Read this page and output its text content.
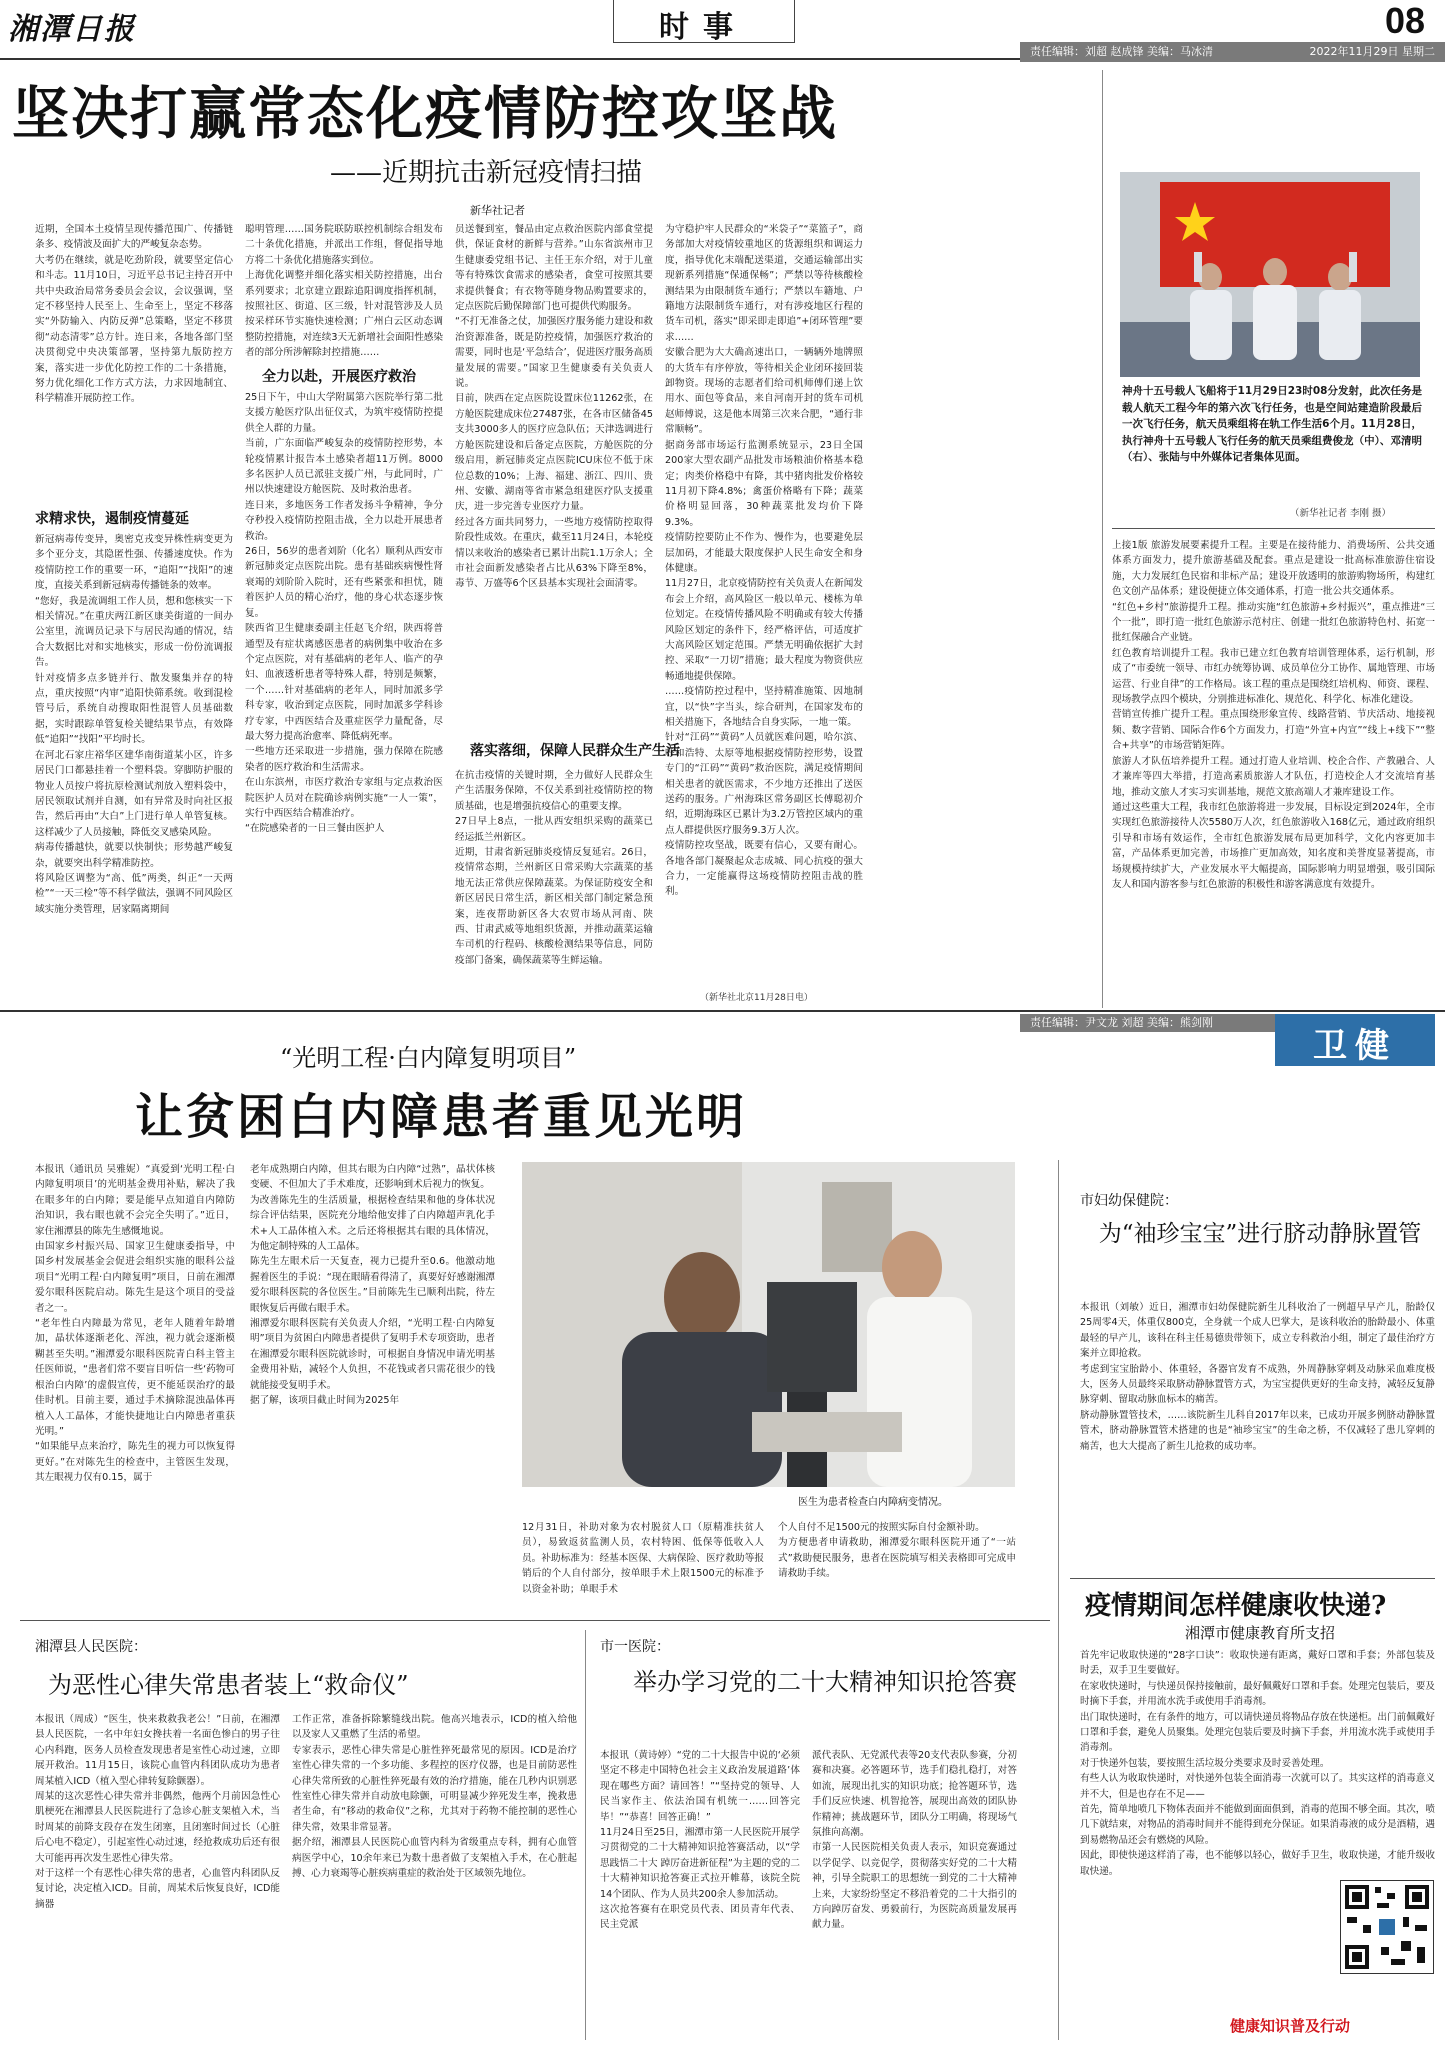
湘潭日报	时事	08
责任编辑：刘超 赵成锋 美编：马冰清	2022年11月29日 星期二
坚决打赢常态化疫情防控攻坚战
——近期抗击新冠疫情扫描
新华社记者
近期，全国本土疫情呈现传播范围广、传播链条多、疫情波及面扩大的严峻复杂态势。
大考仍在继续，就是吃劲阶段，就要坚定信心和斗志。11月10日，习近平总书记主持召开中共中央政治局常务委员会会议，会议强调，坚定不移坚持人民至上、生命至上，坚定不移落实“外防输入、内防反弹”总策略，坚定不移贯彻“动态清零”总方针。连日来，各地各部门坚决贯彻党中央决策部署，坚持第九版防控方案，落实进一步优化防控工作的二十条措施，努力优化细化工作方式方法，力求因地制宜、科学精准开展防控工作。
求精求快，遏制疫情蔓延
新冠病毒传变异，奥密克戎变异株性病变更为多个亚分支，其隐匿性强、传播速度快。作为疫情防控工作的重要一环，“追阳”“找阳”的速度，直接关系到新冠病毒传播链条的效率。
“您好，我是流调组工作人员，想和您核实一下相关情况。”在重庆两江新区康美街道的一间办公室里，流调员记录下与居民沟通的情况，结合大数据比对和实地核实，形成一份份流调报告。
针对疫情多点多链并行、散发聚集并存的特点，重庆按照“内审”追阳快筛系统。收到混检管号后，系统自动搜取阳性混管人员基础数据，实时跟踪单管复检关键结果节点，有效降低“追阳”“找阳”平均时长。
在河北石家庄裕华区建华南街道某小区，许多居民门口都悬挂着一个塑料袋。穿脚防护服的物业人员按户将抗原检测试剂放入塑料袋中，居民领取试剂并自测，如有异常及时向社区报告，然后再由“大白”上门进行单人单管复核。这样减少了人员接触，降低交叉感染风险。
病毒传播越快，就要以快制快；形势越严峻复杂，就要突出科学精准防控。
将风险区调整为“高、低”两类，纠正“一天两检”“一天三检”等不科学做法，强调不同风险区域实施分类管理，居家隔离期间
聪明管理……国务院联防联控机制综合组发布二十条优化措施，并派出工作组，督促指导地方将二十条优化措施落实到位。
上海优化调整并细化落实相关防控措施，出台系列要求；北京建立跟踪追阳调度指挥机制，按照社区、街道、区三级，针对混管涉及人员按采样环节实施快速检测；广州白云区动态调整防控措施，对连续3天无新增社会面阳性感染者的部分所涉解除封控措施……
全力以赴，开展医疗救治
25日下午，中山大学附属第六医院举行第二批支援方舱医疗队出征仪式，为筑牢疫情防控提供全人群的力量。
当前，广东面临严峻复杂的疫情防控形势，本轮疫情累计报告本土感染者超11万例。8000多名医护人员已派驻支援广州，与此同时，广州以快速建设方舱医院、及时救治患者。
连日来，多地医务工作者发扬斗争精神，争分夺秒投入疫情防控阻击战，全力以赴开展患者救治。
26日，56岁的患者刘阶（化名）顺利从西安市新冠肺炎定点医院出院。患有基础疾病慢性肾衰竭的刘阶阶入院时，还有些紧张和担忧，随着医护人员的精心治疗，他的身心状态逐步恢复。
陕西省卫生健康委副主任赵飞介绍，陕西将普通型及有症状离感医患者的病例集中收治在多个定点医院，对有基础病的老年人、临产的孕妇、血液透析患者等特殊人群，特别是频繁，一个……针对基础病的老年人，同时加派多学科专家，收治到定点医院，同时加派多学科诊疗专家，中西医结合及重症医学力量配备，尽最大努力提高治愈率、降低病死率。
一些地方还采取进一步措施，强力保障在院感染者的医疗救治和生活需求。
在山东滨州，市医疗救治专家组与定点救治医院医护人员对在院确诊病例实施“一人一策”，实行中西医结合精准治疗。
“在院感染者的一日三餐由医护人
员送餐到室，餐品由定点救治医院内部食堂提供，保证食材的新鲜与营养。”山东省滨州市卫生健康委党组书记、主任王东介绍，对于儿童等有特殊饮食需求的感染者，食堂可按照其要求提供餐食；有衣物等随身物品购置要求的，定点医院后勤保障部门也可提供代购服务。
“不打无准备之仗，加强医疗服务能力建设和救治资源准备，既是防控疫情，加强医疗救治的需要，同时也是‘平急结合’，促进医疗服务高质量发展的需要。”国家卫生健康委有关负责人说。
目前，陕西在定点医院设置床位11262张，在方舱医院建成床位27487张，在各市区储备45支共3000多人的医疗应急队伍；天津选调进行方舱医院建设和后备定点医院，方舱医院的分级启用，新冠肺炎定点医院ICU床位不低于床位总数的10%；上海、福建、浙江、四川、贵州、安徽、湖南等省市紧急组建医疗队支援重庆，进一步完善专业医疗力量。
经过各方面共同努力，一些地方疫情防控取得阶段性成效。在重庆，截至11月24日，本轮疫情以来收治的感染者已累计出院1.1万余人；全市社会面新发感染者占比从63%下降至8%，毒节、万盛等6个区县基本实现社会面清零。
落实落细，保障人民群众生产生活
在抗击疫情的关键时期，全力做好人民群众生产生活服务保障，不仅关系到社疫情防控的物质基础，也是增强抗疫信心的重要支撑。
27日早上8点，一批从西安组织采购的蔬菜已经运抵兰州新区。
近期，甘肃省新冠肺炎疫情反复延宕。26日，疫情常态期，兰州新区日常采购大宗蔬菜的基地无法正常供应保障蔬菜。为保证防疫安全和新区居民日常生活，新区相关部门制定紧急预案，连夜帮助新区各大农贸市场从河南、陕西、甘肃武威等地组织货源，并推动蔬菜运输车司机的行程码、核酸检测结果等信息，同防疫部门备案，确保蔬菜等生鲜运输。
为守稳护牢人民群众的“米袋子”“菜篮子”，商务部加大对疫情较重地区的货源组织和调运力度，指导优化末端配送渠道，交通运输部出实现新系列措施“保通保畅”；严禁以等待核酸检测结果为由限制货车通行；严禁以车籍地、户籍地方法限制货车通行，对有涉疫地区行程的货车司机，落实“即采即走即追”+闭环管理”要求……
安徽合肥为大大确高速出口，一辆辆外地牌照的大货车有序停放，等待相关企业闭环接回装卸物资。现场的志愿者们给司机师傅们递上饮用水、面包等食品，来自河南开封的货车司机赵师傅说，这是他本周第三次来合肥，“通行非常顺畅”。
据商务部市场运行监测系统显示，23日全国200家大型农副产品批发市场粮油价格基本稳定；肉类价格稳中有降，其中猪肉批发价格较11月初下降4.8%；禽蛋价格略有下降；蔬菜价格明显回落，30种蔬菜批发均价下降9.3%。
疫情防控要防止不作为、慢作为，也要避免层层加码，才能最大限度保护人民生命安全和身体健康。
11月27日，北京疫情防控有关负责人在新闻发布会上介绍，高风险区一般以单元、楼栋为单位划定。在疫情传播风险不明确或有较大传播风险区划定的条件下，经严格评估，可适度扩大高风险区划定范围。严禁无明确依据扩大封控、采取“一刀切”措施；最大程度为物资供应畅通地提供保障。
……疫情防控过程中，坚持精准施策、因地制宜，以“快”字当头，综合研判，在国家发布的相关措施下，各地结合自身实际，一地一策。
针对“江码”“黄码”人员就医难问题，哈尔滨、呼和浩特、太原等地根据疫情防控形势，设置专门的“江码”“黄码”救治医院，满足疫情期间相关患者的就医需求，不少地方还推出了送医送药的服务。广州海珠区常务副区长傅聪初介绍，近期海珠区已累计为3.2万管控区域内的重点人群提供医疗服务9.3万人次。
疫情防控攻坚战，既要有信心，又要有耐心。各地各部门凝聚起众志成城、同心抗疫的强大合力，一定能赢得这场疫情防控阻击战的胜利。
（新华社北京11月28日电）
神舟十五号载人飞船将于11月29日23时08分发射，此次任务是载人航天工程今年的第六次飞行任务，也是空间站建造阶段最后一次飞行任务，航天员乘组将在轨工作生活6个月。11月28日，执行神舟十五号载人飞行任务的航天员乘组费俊龙（中）、邓清明（右）、张陆与中外媒体记者集体见面。
（新华社记者 李刚 摄）
上接1版 旅游发展要素提升工程。主要是在接待能力、消费场所、公共交通体系方面发力，提升旅游基础及配套。重点是建设一批高标准旅游住宿设施，大力发展红色民宿和非标产品；建设开放透明的旅游购物场所，构建红色文创产品体系；建设便捷立体交通体系，打造一批公共交通体系。
“红色+乡村”旅游提升工程。推动实施“红色旅游+乡村振兴”，重点推进“三个一批”，即打造一批红色旅游示范村庄、创建一批红色旅游特色村、拓宽一批红保融合产业链。
红色教育培训提升工程。我市已建立红色教育培训管理体系，运行机制，形成了“市委统一领导、市红办统筹协调、成员单位分工协作、属地管理、市场运营、行业自律”的工作格局。该工程的重点是围绕红培机构、师资、课程、现场教学点四个模块，分别推进标准化、规范化、科学化、标准化建设。
营销宣传推广提升工程。重点围绕形象宣传、线路营销、节庆活动、地接视频、数字营销、国际合作6个方面发力，打造“外宣+内宣”“线上+线下”“整合+共享”的市场营销矩阵。
旅游人才队伍培养提升工程。通过打造人业培训、校企合作、产教融合、人才兼库等四大举措，打造高素质旅游人才队伍，打造校企人才交流培育基地，推动文旅人才实习实训基地，规范文旅高端人才兼库建设工作。
通过这些重大工程，我市红色旅游将进一步发展，目标设定到2024年，全市实现红色旅游接待人次5580万人次，红色旅游收入168亿元，通过政府组织引导和市场有效运作，全市红色旅游发展布局更加科学，文化内容更加丰富，产品体系更加完善，市场推广更加高效，知名度和美誉度显著提高，市场规模持续扩大，产业发展水平大幅提高，国际影响力明显增强，吸引国际友人和国内游客参与红色旅游的积极性和游客满意度有效提升。
责任编辑：尹文龙 刘超 美编：熊剑刚
卫健
“光明工程·白内障复明项目”
让贫困白内障患者重见光明
本报讯（通讯员 吴雅妮）“真爱到‘光明工程·白内障复明项目’的光明基金费用补贴，解决了我在眼多年的白内障；要是能早点知道自内障防治知识，我右眼也就不会完全失明了。”近日，家住湘潭县的陈先生感慨地说。
由国家乡村振兴局、国家卫生健康委指导，中国乡村发展基金会促进会组织实施的眼科公益项目“光明工程·白内障复明”项目，日前在湘潭爱尔眼科医院启动。陈先生是这个项目的受益者之一。
“老年性白内障最为常见，老年人随着年龄增加，晶状体逐渐老化、浑浊，视力就会逐渐模糊甚至失明。”湘潭爱尔眼科医院青白科主管主任医师说，“患者们常不要盲目听信一些‘药物可根治白内障’的虚假宣传，更不能延误治疗的最佳时机。目前主要，通过手术摘除混浊晶体再植入人工晶体，才能快捷地让白内障患者重获光明。”
“如果能早点来治疗，陈先生的视力可以恢复得更好。”在对陈先生的检查中，主管医生发现，其左眼视力仅有0.15，属于
老年成熟期白内障，但其右眼为白内障“过熟”，晶状体核变硬、不但加大了手术难度，还影响到术后视力的恢复。
为改善陈先生的生活质量，根据检查结果和他的身体状况综合评估结果，医院充分地给他安排了白内障超声乳化手术+人工晶体植入术。之后还将根据其右眼的具体情况，为他定制特殊的人工晶体。
陈先生左眼术后一天复查，视力已提升至0.6。他激动地握着医生的手说：“现在眼睛看得清了，真要好好感谢湘潭爱尔眼科医院的各位医生。”目前陈先生已顺利出院，待左眼恢复后再做右眼手术。
湘潭爱尔眼科医院有关负责人介绍，“光明工程·白内障复明”项目为贫困白内障患者提供了复明手术专项资助，患者在湘潭爱尔眼科医院就诊时，可根据自身情况申请光明基金费用补贴，减轻个人负担，不花钱或者只需花很少的钱就能接受复明手术。
据了解，该项目截止时间为2025年
医生为患者检查白内障病变情况。
12月31日，补助对象为农村脱贫人口（原精准扶贫人员），易致返贫监测人员，农村特困、低保等低收入人员。补助标准为：经基本医保、大病保险、医疗救助等报销后的个人自付部分，按单眼手术上限1500元的标准予以资金补助；单眼手术
个人自付不足1500元的按照实际自付金额补助。
为方便患者申请救助，湘潭爱尔眼科医院开通了“一站式”救助便民服务，患者在医院填写相关表格即可完成申请救助手续。
市妇幼保健院：
为“袖珍宝宝”进行脐动静脉置管
本报讯（刘敏）近日，湘潭市妇幼保健院新生儿科收治了一例超早早产儿，胎龄仅25周零4天，体重仅800克，全身就一个成人巴掌大，是该科收治的胎龄最小、体重最轻的早产儿，该科在科主任易德贵带领下，成立专科救治小组，制定了最佳治疗方案并立即抢救。
考虑到宝宝胎龄小、体重轻，各器官发育不成熟，外周静脉穿刺及动脉采血难度极大，医务人员最终采取脐动静脉置管方式，为宝宝提供更好的生命支持，减轻反复静脉穿刺、留取动脉血标本的痛苦。
脐动静脉置管技术，……该院新生儿科自2017年以来，已成功开展多例脐动静脉置管术，脐动静脉置管术搭建的也是“袖珍宝宝”的生命之桥，不仅减轻了患儿穿刺的痛苦，也大大提高了新生儿抢救的成功率。
疫情期间怎样健康收快递?
湘潭市健康教育所支招
首先牢记收取快递的“28字口诀”：收取快递有距离，戴好口罩和手套；外部包装及时丢，双手卫生要做好。
在家收快递时，与快递员保持接触前，最好佩戴好口罩和手套。处理完包装后，要及时摘下手套，并用流水洗手或使用手消毒剂。
出门取快递时，在有条件的地方，可以请快递员将物品存放在快递柜。出门前佩戴好口罩和手套，避免人员聚集。处理完包装后要及时摘下手套，并用流水洗手或使用手消毒剂。
对于快递外包装，要按照生活垃圾分类要求及时妥善处理。
有些人认为收取快递时，对快递外包装全面消毒一次就可以了。其实这样的消毒意义并不大，但是也存在不足——
首先，简单地喷几下物体表面并不能做到面面俱到，消毒的范围不够全面。其次，喷几下就结束，对物品的消毒时间并不能得到充分保证。如果消毒液的成分是酒精，遇到易燃物品还会有燃烧的风险。
因此，即使快递这样消了毒，也不能够以轻心，做好手卫生，收取快递，才能升级收取快递。
健康知识普及行动
湘潭县人民医院：
为恶性心律失常患者装上“救命仪”
本报讯（周成）“医生，快来救救我老公！”日前，在湘潭县人民医院，一名中年妇女搀扶着一名面色惨白的男子往心内科跑，医务人员检查发现患者是室性心动过速，立即展开救治。11月15日，该院心血管内科团队成功为患者周某植入ICD（植入型心律转复除颤器）。
周某的这次恶性心律失常并非偶然，他两个月前因急性心肌梗死在湘潭县人民医院进行了急诊心脏支架植入术，当时周某的前降支段存在发生闭塞，且闭塞时间过长（心脏后心电不稳定），引起室性心动过速，经抢救成功后还有很大可能再再次发生恶性心律失常。
对于这样一个有恶性心律失常的患者，心血管内科团队反复讨论，决定植入ICD。目前，周某术后恢复良好，ICD能摘器
工作正常，准备拆除繁缝线出院。他高兴地表示，ICD的植入给他以及家人又重燃了生活的希望。
专家表示，恶性心律失常是心脏性猝死最常见的原因。ICD是治疗室性心律失常的一个多功能、多程控的医疗仪器，也是目前防恶性心律失常所致的心脏性猝死最有效的治疗措施，能在几秒内识别恶性室性心律失常并自动放电除颤，可明显减少猝死发生率，挽救患者生命，有“移动的救命仪”之称，尤其对于药物不能控制的恶性心律失常，效果非常显著。
据介绍，湘潭县人民医院心血管内科为省级重点专科，拥有心血管病医学中心，10余年来已为数十患者做了支架植入手术，在心脏起搏、心力衰竭等心脏疾病重症的救治处于区域领先地位。
市一医院：
举办学习党的二十大精神知识抢答赛
本报讯（黄诗婷）“党的二十大报告中说的‘必须坚定不移走中国特色社会主义政治发展道路’体现在哪些方面？请回答！”“坚持党的领导、人民当家作主、依法治国有机统一……回答完毕！”“恭喜！回答正确！”
11月24日至25日，湘潭市第一人民医院开展学习贯彻党的二十大精神知识抢答赛活动，以“学思践悟二十大 踔厉奋进新征程”为主题的党的二十大精神知识抢答赛正式拉开帷幕，该院全院14个团队、作为人员共200余人参加活动。
这次抢答赛有在职党员代表、团员青年代表、民主党派
派代表队、无党派代表等20支代表队参赛，分初赛和决赛。必答题环节，选手们稳扎稳打，对答如流，展现出扎实的知识功底；抢答题环节，选手们反应快速、机智抢答，展现出高效的团队协作精神；挑战题环节，团队分工明确，将现场气氛推向高潮。
市第一人民医院相关负责人表示，知识竞赛通过以学促学、以竞促学，贯彻落实好党的二十大精神，引导全院职工的思想统一到党的二十大精神上来，大家纷纷坚定不移沿着党的二十大指引的方向踔厉奋发、勇毅前行，为医院高质量发展再献力量。
